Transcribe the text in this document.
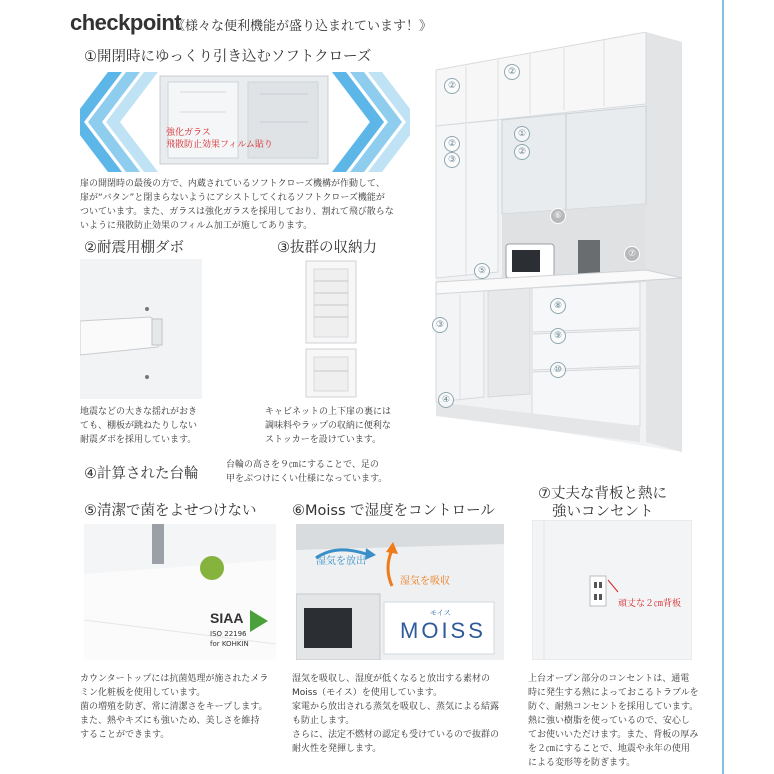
checkpoint
《様々な便利機能が盛り込まれています！》
①開閉時にゆっくり引き込むソフトクローズ
強化ガラス
飛散防止効果フィルム貼り
扉の開閉時の最後の方で、内蔵されているソフトクローズ機構が作動して、
扉が“バタン”と閉まらないようにアシストしてくれるソフトクローズ機能が
ついています。また、ガラスは強化ガラスを採用しており、割れて飛び散らな
いように飛散防止効果のフィルム加工が施してあります。
②耐震用棚ダボ
地震などの大きな揺れがおき
ても、棚板が跳ねたりしない
耐震ダボを採用しています。
③抜群の収納力
キャビネットの上下扉の裏には
調味料やラップの収納に便利な
ストッカーを設けています。
④計算された台輪
台輪の高さを９㎝にすることで、足の
甲をぶつけにくい仕様になっています。
②
②
②
③
①
②
⑥
⑤
⑦
③
⑧
⑨
⑩
④
⑤清潔で菌をよせつけない
SIAA
ISO 22196
for KOHKIN
カウンタートップには抗菌処理が施されたメラ
ミン化粧板を使用しています。
菌の増殖を防ぎ、常に清潔さをキープします。
また、熱やキズにも強いため、美しさを維持
することができます。
⑥Moiss で湿度をコントロール
湿気を放出
湿気を吸収
モイス
MOISS
湿気を吸収し、湿度が低くなると放出する素材の
Moiss（モイス）を使用しています。
家電から放出される蒸気を吸収し、蒸気による結露
も防止します。
さらに、法定不燃材の認定も受けているので抜群の
耐火性を発揮します。
⑦丈夫な背板と熱に
強いコンセント
頑丈な２㎝背板
上台オープン部分のコンセントは、通電
時に発生する熱によっておこるトラブルを
防ぐ、耐熱コンセントを採用しています。
熱に強い樹脂を使っているので、安心し
てお使いいただけます。また、背板の厚み
を２㎝にすることで、地震や永年の使用
による変形等を防ぎます。
